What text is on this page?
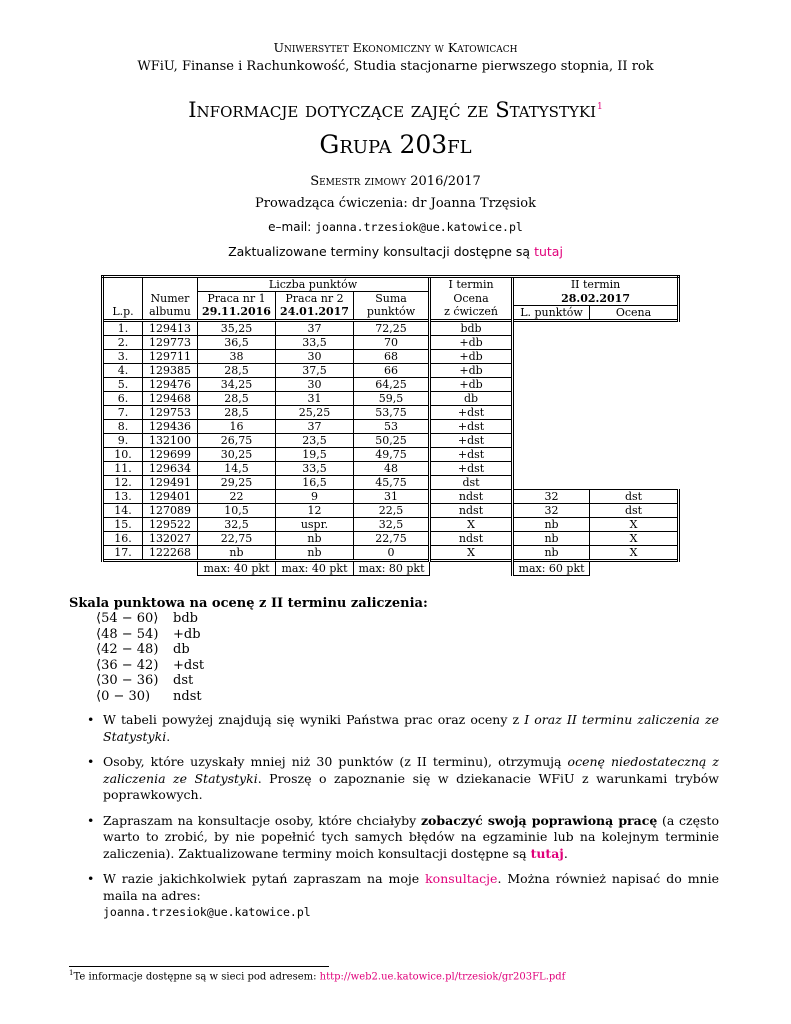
Uniwersytet Ekonomiczny w Katowicach
WFiU, Finanse i Rachunkowość, Studia stacjonarne pierwszego stopnia, II rok
Informacje dotyczące zajęć ze Statystyki$^1$
Grupa 203fl
Semestr zimowy 2016/2017
Prowadząca ćwiczenia: dr Joanna Trzęsiok
e–mail: joanna.trzesiok@ue.katowice.pl
Zaktualizowane terminy konsultacji dostępne są tutaj
		Liczba punktów			I termin	II termin	
	Numer	Praca nr 1	Praca nr 2	Suma	Ocena	28.02.2017	
L.p.	albumu	29.11.2016	24.01.2017	punktów	z ćwiczeń	L. punktów	Ocena
1.	129413	35,25	37	72,25	bdb		
2.	129773	36,5	33,5	70	+db		
3.	129711	38	30	68	+db		
4.	129385	28,5	37,5	66	+db		
5.	129476	34,25	30	64,25	+db		
6.	129468	28,5	31	59,5	db		
7.	129753	28,5	25,25	53,75	+dst		
8.	129436	16	37	53	+dst		
9.	132100	26,75	23,5	50,25	+dst		
10.	129699	30,25	19,5	49,75	+dst		
11.	129634	14,5	33,5	48	+dst		
12.	129491	29,25	16,5	45,75	dst		
13.	129401	22	9	31	ndst	32	dst
14.	127089	10,5	12	22,5	ndst	32	dst
15.	129522	32,5	uspr.	32,5	X	nb	X
16.	132027	22,75	nb	22,75	ndst	nb	X
17.	122268	nb	nb	0	X	nb	X
		max: 40 pkt	max: 40 pkt	max: 80 pkt		max: 60 pkt	
Skala punktowa na ocenę z II terminu zaliczenia:
⟨54 − 60⟩ bdb
⟨48 − 54) +db
⟨42 − 48) db
⟨36 − 42) +dst
⟨30 − 36) dst
⟨0 − 30) ndst
• W tabeli powyżej znajdują się wyniki Państwa prac oraz oceny z I oraz II terminu zaliczenia ze Statystyki.
• Osoby, które uzyskały mniej niż 30 punktów (z II terminu), otrzymują ocenę niedostateczną z zaliczenia ze Statystyki. Proszę o zapoznanie się w dziekanacie WFiU z warunkami trybów poprawkowych.
• Zapraszam na konsultacje osoby, które chciałyby zobaczyć swoją poprawioną pracę (a często warto to zrobić, by nie popełnić tych samych błędów na egzaminie lub na kolejnym terminie zaliczenia). Zaktualizowane terminy moich konsultacji dostępne są tutaj.
• W razie jakichkolwiek pytań zapraszam na moje konsultacje. Można również napisać do mnie maila na adres:
joanna.trzesiok@ue.katowice.pl
$^1$Te informacje dostępne są w sieci pod adresem: http://web2.ue.katowice.pl/trzesiok/gr203FL.pdf
